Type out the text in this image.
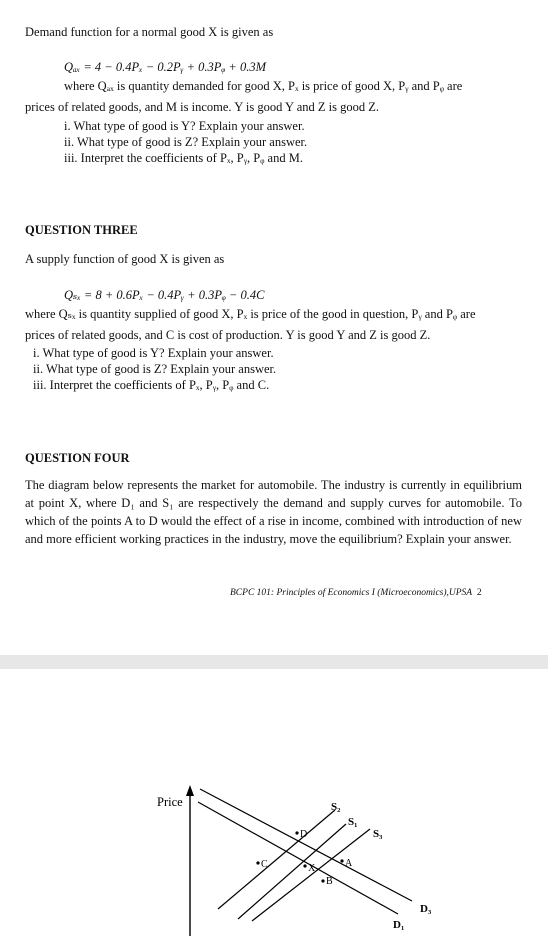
Demand function for a normal good X is given as
Qₐₓ = 4 − 0.4Pₓ − 0.2Pᵧ + 0.3Pᵩ + 0.3M
where Qₐₓ is quantity demanded for good X, Pₓ is price of good X, Pᵧ and Pᵩ are
prices of related goods, and M is income. Y is good Y and Z is good Z.
i. What type of good is Y? Explain your answer.
ii. What type of good is Z? Explain your answer.
iii. Interpret the coefficients of Pₓ, Pᵧ, Pᵩ and M.
QUESTION THREE
A supply function of good X is given as
Qₛₓ = 8 + 0.6Pₓ − 0.4Pᵧ + 0.3Pᵩ − 0.4C
where Qₛₓ is quantity supplied of good X, Pₓ is price of the good in question, Pᵧ and Pᵩ are
prices of related goods, and C is cost of production. Y is good Y and Z is good Z.
i. What type of good is Y? Explain your answer.
ii. What type of good is Z? Explain your answer.
iii. Interpret the coefficients of Pₓ, Pᵧ, Pᵩ and C.
QUESTION FOUR
The diagram below represents the market for automobile. The industry is currently in equilibrium at point X, where D₁ and S₁ are respectively the demand and supply curves for automobile. To which of the points A to D would the effect of a rise in income, combined with introduction of new and more efficient working practices in the industry, move the equilibrium? Explain your answer.
BCPC 101: Principles of Economics I (Microeconomics),UPSA 2
Price	S₂
S₁
S₃
D₃
D₁
D
C	X	A
B
